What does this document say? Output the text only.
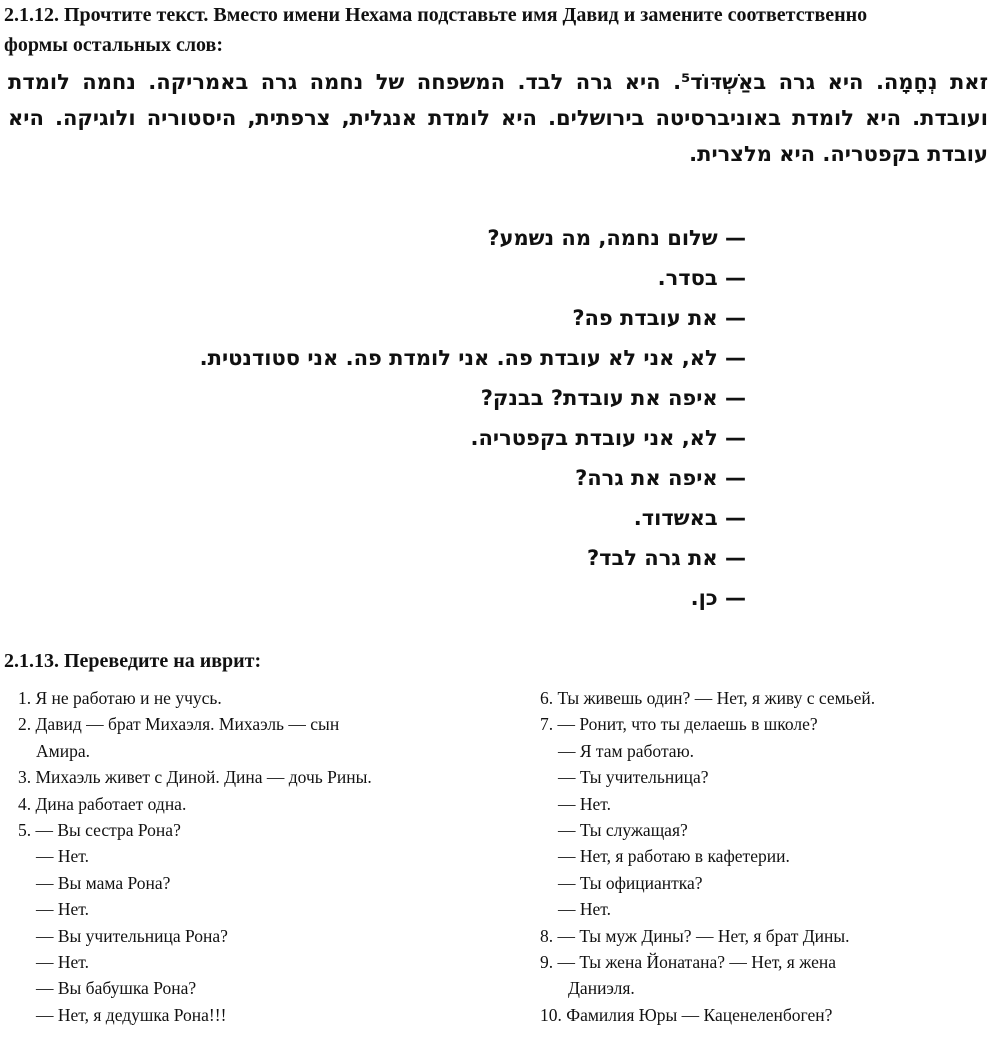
2.1.12. Прочтите текст. Вместо имени Нехама подставьте имя Давид и замените соответственно
формы остальных слов:
זאת נְחָמָה. היא גרה באַשְׁדּוֹד⁵. היא גרה לבד. המשפחה של נחמה גרה באמריקה. נחמה לומדת ועובדת. היא לומדת באוניברסיטה בירושלים. היא לומדת אנגלית, צרפתית, היסטוריה ולוגיקה. היא עובדת בקפטריה. היא מלצרית.
— שלום נחמה, מה נשמע?
— בסדר.
— את עובדת פה?
— לא, אני לא עובדת פה. אני לומדת פה. אני סטודנטית.
— איפה את עובדת? בבנק?
— לא, אני עובדת בקפטריה.
— איפה את גרה?
— באשדוד.
— את גרה לבד?
— כן.
2.1.13. Переведите на иврит:
1. Я не работаю и не учусь.
2. Давид — брат Михаэля. Михаэль — сын
Амира.
3. Михаэль живет с Диной. Дина — дочь Рины.
4. Дина работает одна.
5. — Вы сестра Рона?
— Нет.
— Вы мама Рона?
— Нет.
— Вы учительница Рона?
— Нет.
— Вы бабушка Рона?
— Нет, я дедушка Рона!!!
6. Ты живешь один? — Нет, я живу с семьей.
7. — Ронит, что ты делаешь в школе?
— Я там работаю.
— Ты учительница?
— Нет.
— Ты служащая?
— Нет, я работаю в кафетерии.
— Ты официантка?
— Нет.
8. — Ты муж Дины? — Нет, я брат Дины.
9. — Ты жена Йонатана? — Нет, я жена
Даниэля.
10. Фамилия Юры — Каценеленбоген?
